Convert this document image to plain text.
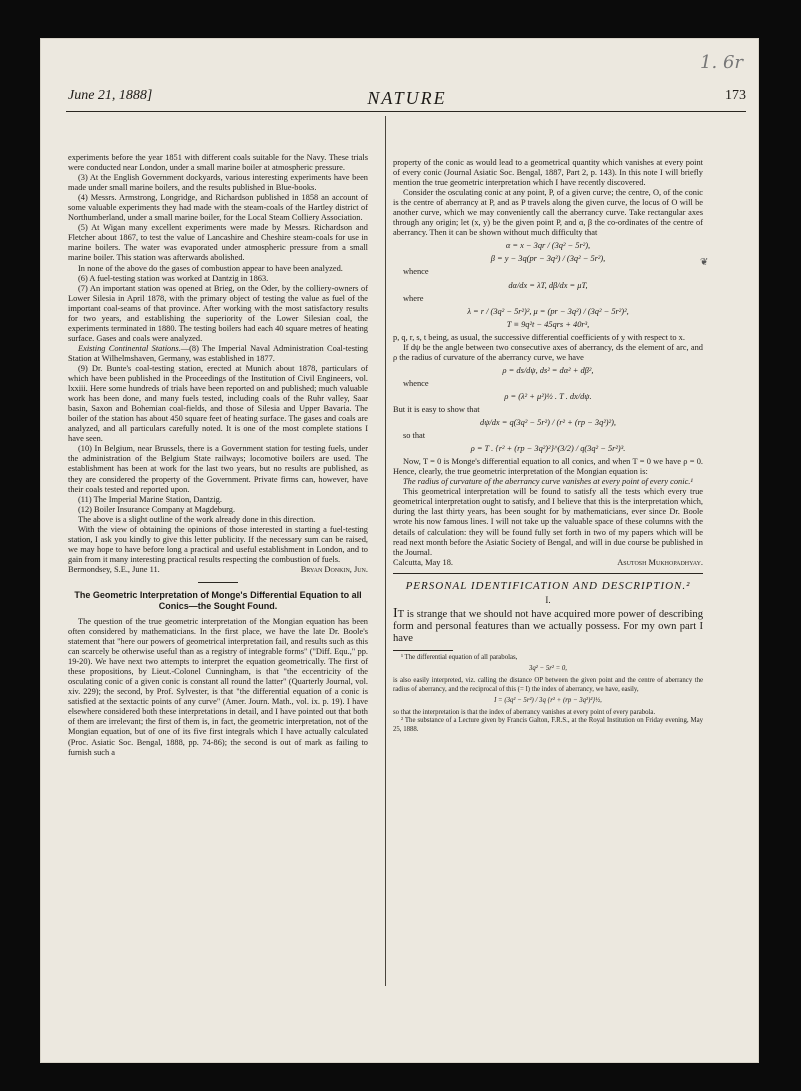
1. 6r
June 21, 1888]	NATURE	173
❦

experiments before the year 1851 with different coals suitable for the Navy. These trials were conducted near London, under a small marine boiler at atmospheric pressure.

(3) At the English Government dockyards, various interesting experiments have been made under small marine boilers, and the results published in Blue-books.

(4) Messrs. Armstrong, Longridge, and Richardson published in 1858 an account of some valuable experiments they had made with the steam-coals of the Hartley district of Northumberland, under a small marine boiler, for the Local Steam Colliery Association.

(5) At Wigan many excellent experiments were made by Messrs. Richardson and Fletcher about 1867, to test the value of Lancashire and Cheshire steam-coals for use in marine boilers. The water was evaporated under atmospheric pressure from a small marine boiler. This station was afterwards abolished.

In none of the above do the gases of combustion appear to have been analyzed.

(6) A fuel-testing station was worked at Dantzig in 1863.

(7) An important station was opened at Brieg, on the Oder, by the colliery-owners of Lower Silesia in April 1878, with the primary object of testing the value as fuel of the important coal-seams of that province. After working with the most satisfactory results for two years, and establishing the superiority of the Lower Silesian coal, the experiments terminated in 1880. The testing boilers had each 40 square metres of heating surface. Gases and coals were analyzed.

Existing Continental Stations.—(8) The Imperial Naval Administration Coal-testing Station at Wilhelmshaven, Germany, was established in 1877.

(9) Dr. Bunte's coal-testing station, erected at Munich about 1878, particulars of which have been published in the Proceedings of the Institution of Civil Engineers, vol. lxxiii. Here some hundreds of trials have been reported on and published; much valuable work has been done, and many fuels tested, including coals of the Ruhr valley, Saar basin, Saxon and Bohemian coal-fields, and those of Silesia and Upper Bavaria. The boiler of the station has about 450 square feet of heating surface. The gases and coals are analyzed, and all particulars carefully noted. It is one of the most complete stations I have seen.

(10) In Belgium, near Brussels, there is a Government station for testing fuels, under the administration of the Belgium State railways; locomotive boilers are used. The establishment has been at work for the last two years, but no results are published, as they are considered the property of the Government. Private firms can, however, have their coals tested and reported upon.

(11) The Imperial Marine Station, Dantzig.

(12) Boiler Insurance Company at Magdeburg.

The above is a slight outline of the work already done in this direction.

With the view of obtaining the opinions of those interested in starting a fuel-testing station, I ask you kindly to give this letter publicity. If the necessary sum can be raised, we may hope to have before long a practical and useful establishment in London, and to gain from it many interesting practical results respecting the combustion of fuels.

Bermondsey, S.E., June 11.	Bryan Donkin, Jun.
The Geometric Interpretation of Monge's Differential Equation to all Conics—the Sought Found.

The question of the true geometric interpretation of the Mongian equation has been often considered by mathematicians. In the first place, we have the late Dr. Boole's statement that "here our powers of geometrical interpretation fail, and results such as this can scarcely be otherwise useful than as a registry of integrable forms" ("Diff. Equ.," pp. 19-20). We have next two attempts to interpret the equation geometrically. The first of these propositions, by Lieut.-Colonel Cunningham, is that "the eccentricity of the osculating conic of a given conic is constant all round the latter" (Quarterly Journal, vol. xiv. 229); the second, by Prof. Sylvester, is that "the differential equation of a conic is satisfied at the sextactic points of any curve" (Amer. Journ. Math., vol. ix. p. 19). I have elsewhere considered both these interpretations in detail, and I have pointed out that both of them are irrelevant; the first of them is, in fact, the geometric interpretation, not of the Mongian equation, but of one of its five first integrals which I have actually calculated (Proc. Asiatic Soc. Bengal, 1888, pp. 74-86); the second is out of mark as failing to furnish such a

property of the conic as would lead to a geometrical quantity which vanishes at every point of every conic (Journal Asiatic Soc. Bengal, 1887, Part 2, p. 143). In this note I will briefly mention the true geometric interpretation which I have recently discovered.

Consider the osculating conic at any point, P, of a given curve; the centre, O, of the conic is the centre of aberrancy at P, and as P travels along the given curve, the locus of O will be another curve, which we may conveniently call the aberrancy curve. Take rectangular axes through any origin; let (x, y) be the given point P, and α, β the co-ordinates of the centre of aberrancy. Then it can be shown without much difficulty that

α = x − 3qr / (3q² − 5r²),
β = y − 3q(pr − 3q²) / (3q² − 5r²),

whence

dα/dx = λT, dβ/dx = μT,

where

λ = r / (3q² − 5r²)², μ = (pr − 3q²) / (3q² − 5r²)²,
T ≡ 9q²t − 45qrs + 40r³,

p, q, r, s, t being, as usual, the successive differential coefficients of y with respect to x.

If dψ be the angle between two consecutive axes of aberrancy, ds the element of arc, and ρ the radius of curvature of the aberrancy curve, we have

ρ = ds/dψ, ds² = dα² + dβ²,

whence

ρ = (λ² + μ²)½ . T . dx/dψ.

But it is easy to show that

dψ/dx = q(3q² − 5r²) / (r² + (rp − 3q²)²),

so that

ρ = T . {r² + (rp − 3q²)²}^(3/2) / q(3q² − 5r²)³.

Now, T = 0 is Monge's differential equation to all conics, and when T = 0 we have ρ = 0. Hence, clearly, the true geometric interpretation of the Mongian equation is:

The radius of curvature of the aberrancy curve vanishes at every point of every conic.¹

This geometrical interpretation will be found to satisfy all the tests which every true geometrical interpretation ought to satisfy, and I believe that this is the interpretation which, during the last thirty years, has been sought for by mathematicians, ever since Dr. Boole wrote his now famous lines. I will not take up the valuable space of these columns with the details of calculation: they will be found fully set forth in two of my papers which will be read next month before the Asiatic Society of Bengal, and will in due course be published in the Journal.

Calcutta, May 18.	Asutosh Mukhopadhyay.
PERSONAL IDENTIFICATION AND DESCRIPTION.²
I.

IT is strange that we should not have acquired more power of describing form and personal features than we actually possess. For my own part I have

¹ The differential equation of all parabolas,

3q² − 5r² = 0,

is also easily interpreted, viz. calling the distance OP between the given point and the centre of aberrancy the radius of aberrancy, and the reciprocal of this (= I) the index of aberrancy, we have, easily,

I = (3q² − 5r²) / 3q {r² + (rp − 3q²)²}½,

so that the interpretation is that the index of aberrancy vanishes at every point of every parabola.

² The substance of a Lecture given by Francis Galton, F.R.S., at the Royal Institution on Friday evening, May 25, 1888.
